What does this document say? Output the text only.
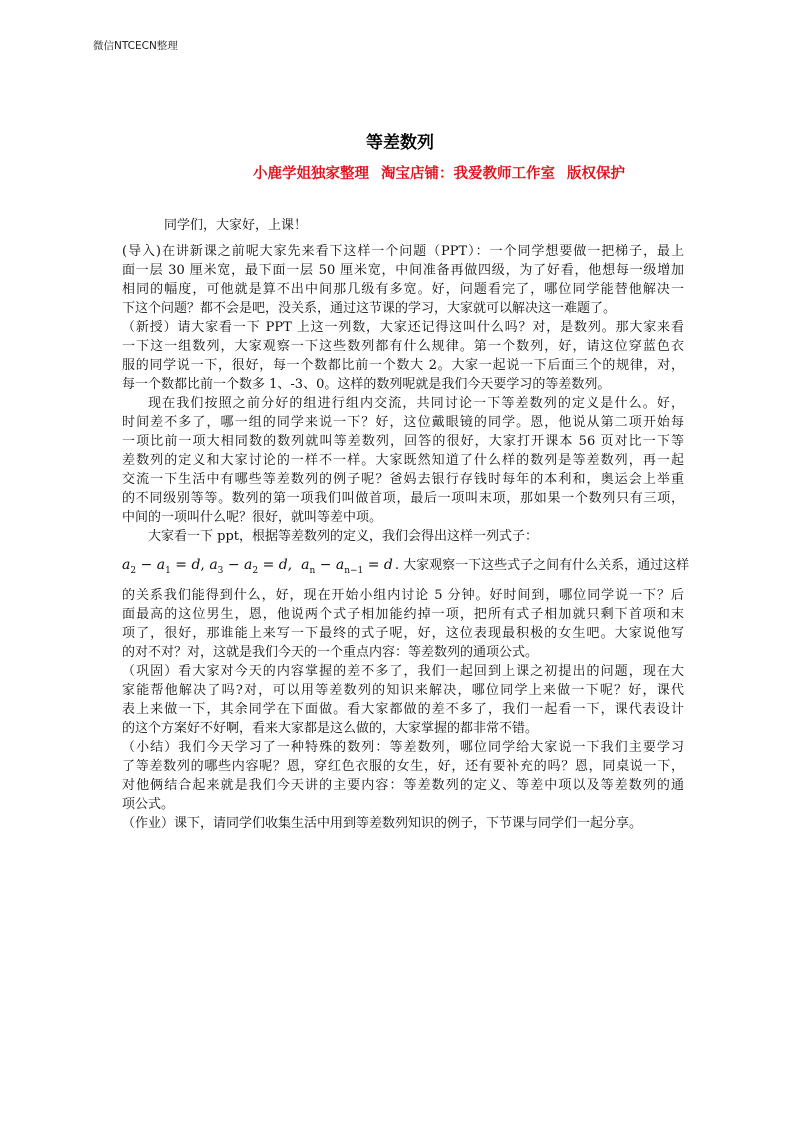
微信NTCECN整理
等差数列
小鹿学姐独家整理 淘宝店铺：我爱教师工作室 版权保护
同学们，大家好，上课！
(导入)在讲新课之前呢大家先来看下这样一个问题（PPT）：一个同学想要做一把梯子，最上
面一层 30 厘米宽，最下面一层 50 厘米宽，中间准备再做四级，为了好看，他想每一级增加
相同的幅度，可他就是算不出中间那几级有多宽。好，问题看完了，哪位同学能替他解决一
下这个问题？都不会是吧，没关系，通过这节课的学习，大家就可以解决这一难题了。
（新授）请大家看一下 PPT 上这一列数，大家还记得这叫什么吗？对，是数列。那大家来看
一下这一组数列，大家观察一下这些数列都有什么规律。第一个数列，好，请这位穿蓝色衣
服的同学说一下，很好，每一个数都比前一个数大 2。大家一起说一下后面三个的规律，对，
每一个数都比前一个数多 1、-3、0。这样的数列呢就是我们今天要学习的等差数列。
现在我们按照之前分好的组进行组内交流，共同讨论一下等差数列的定义是什么。好，
时间差不多了，哪一组的同学来说一下？好，这位戴眼镜的同学。恩，他说从第二项开始每
一项比前一项大相同数的数列就叫等差数列，回答的很好，大家打开课本 56 页对比一下等
差数列的定义和大家讨论的一样不一样。大家既然知道了什么样的数列是等差数列，再一起
交流一下生活中有哪些等差数列的例子呢？爸妈去银行存钱时每年的本利和，奥运会上举重
的不同级别等等。数列的第一项我们叫做首项，最后一项叫末项，那如果一个数列只有三项，
中间的一项叫什么呢？很好，就叫等差中项。
大家看一下 ppt，根据等差数列的定义，我们会得出这样一列式子：
$a_2 - a_1 = d$, $a_3 - a_2 = d$,  $a_n - a_{n-1} = d$ . 大家观察一下这些式子之间有什么关系，通过这样
的关系我们能得到什么，好，现在开始小组内讨论 5 分钟。好时间到，哪位同学说一下？后
面最高的这位男生，恩，他说两个式子相加能约掉一项，把所有式子相加就只剩下首项和末
项了，很好，那谁能上来写一下最终的式子呢，好，这位表现最积极的女生吧。大家说他写
的对不对？对，这就是我们今天的一个重点内容：等差数列的通项公式。
（巩固）看大家对今天的内容掌握的差不多了，我们一起回到上课之初提出的问题，现在大
家能帮他解决了吗?对，可以用等差数列的知识来解决，哪位同学上来做一下呢？好，课代
表上来做一下，其余同学在下面做。看大家都做的差不多了，我们一起看一下，课代表设计
的这个方案好不好啊，看来大家都是这么做的，大家掌握的都非常不错。
（小结）我们今天学习了一种特殊的数列：等差数列，哪位同学给大家说一下我们主要学习
了等差数列的哪些内容呢？恩，穿红色衣服的女生，好，还有要补充的吗？恩，同桌说一下，
对他俩结合起来就是我们今天讲的主要内容：等差数列的定义、等差中项以及等差数列的通
项公式。
（作业）课下，请同学们收集生活中用到等差数列知识的例子，下节课与同学们一起分享。
